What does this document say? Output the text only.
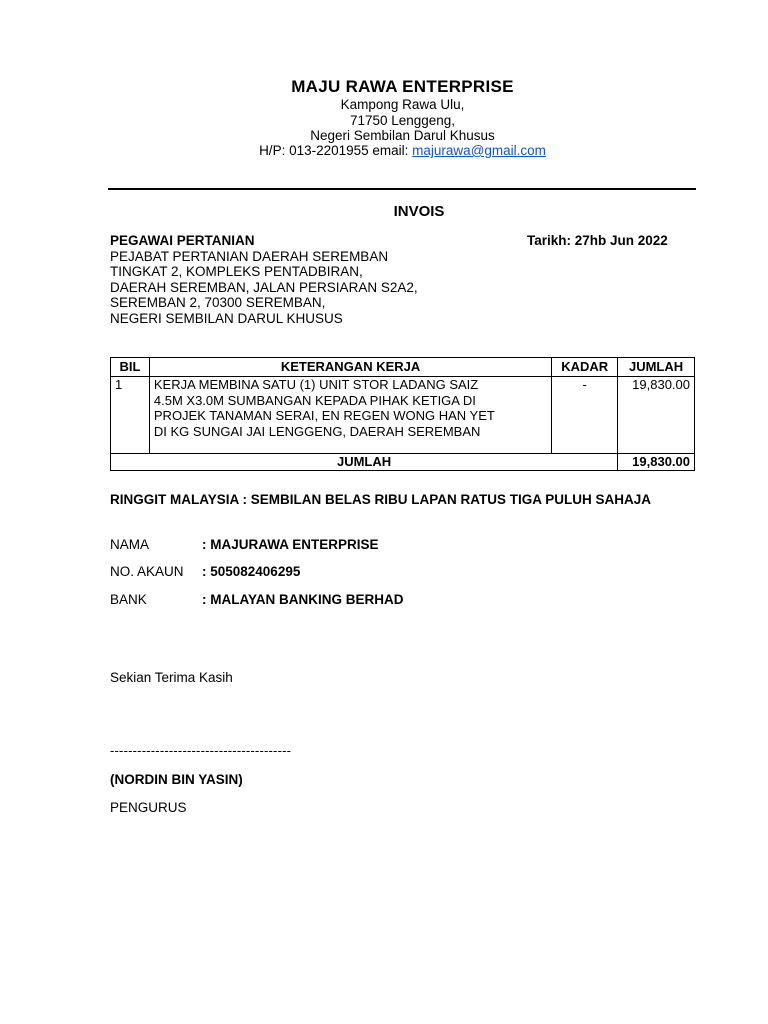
MAJU RAWA ENTERPRISE
Kampong Rawa Ulu,
71750 Lenggeng,
Negeri Sembilan Darul Khusus
H/P: 013-2201955 email: majurawa@gmail.com
INVOIS
PEGAWAI PERTANIAN
PEJABAT PERTANIAN DAERAH SEREMBAN
TINGKAT 2, KOMPLEKS PENTADBIRAN,
DAERAH SEREMBAN, JALAN PERSIARAN S2A2,
SEREMBAN 2, 70300 SEREMBAN,
NEGERI SEMBILAN DARUL KHUSUS
Tarikh: 27hb Jun 2022
BIL	KETERANGAN KERJA	KADAR	JUMLAH
1	KERJA MEMBINA SATU (1) UNIT STOR LADANG SAIZ
4.5M X3.0M SUMBANGAN KEPADA PIHAK KETIGA DI
PROJEK TANAMAN SERAI, EN REGEN WONG HAN YET
DI KG SUNGAI JAI LENGGENG, DAERAH SEREMBAN	-	19,830.00
JUMLAH			19,830.00
RINGGIT MALAYSIA : SEMBILAN BELAS RIBU LAPAN RATUS TIGA PULUH SAHAJA
NAMA	: MAJURAWA ENTERPRISE
NO. AKAUN : 505082406295
BANK	: MALAYAN BANKING BERHAD
Sekian Terima Kasih
----------------------------------------
(NORDIN BIN YASIN)
PENGURUS
